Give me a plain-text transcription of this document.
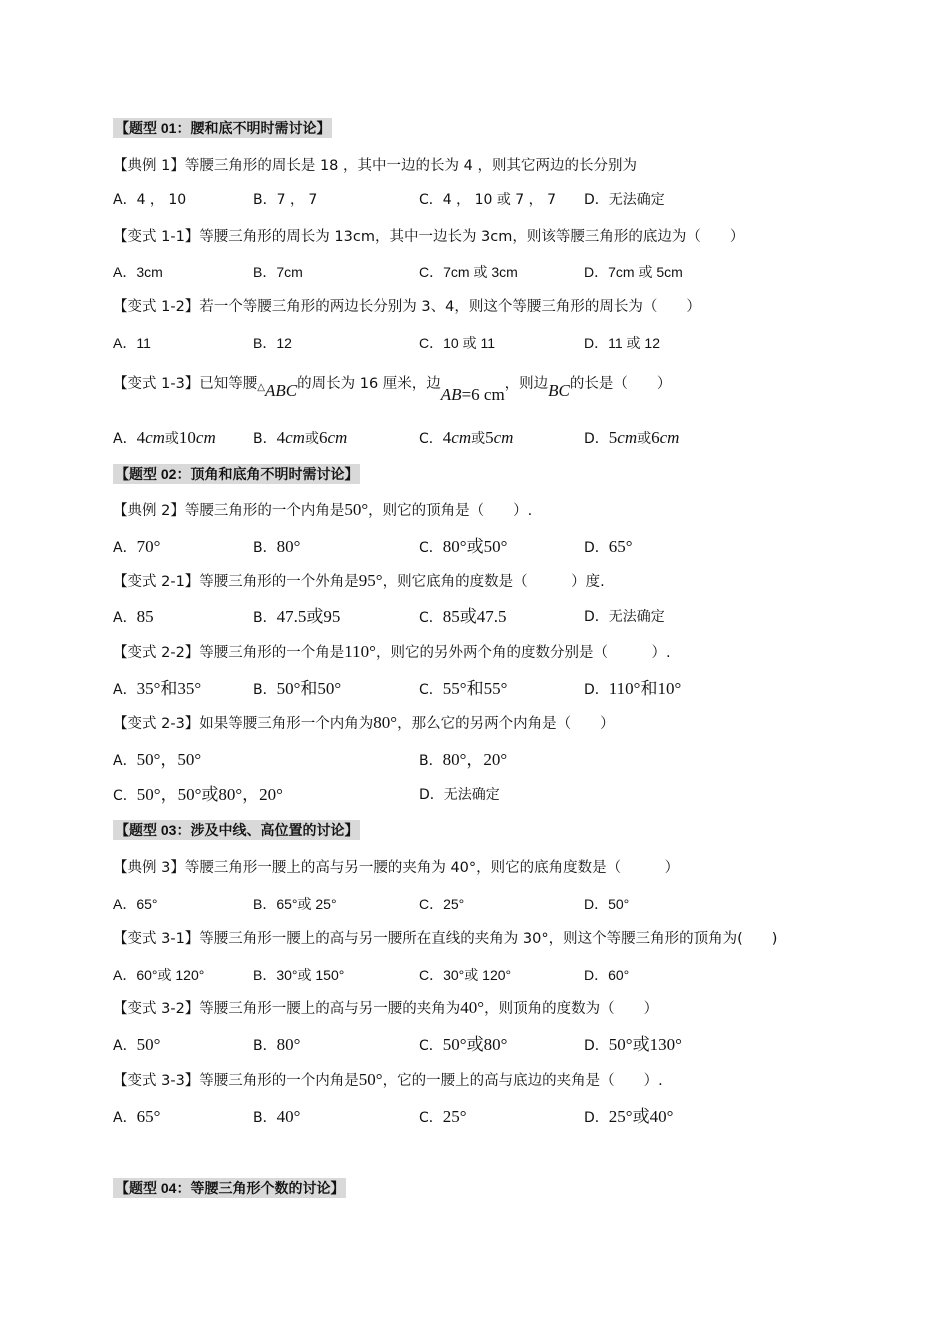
【题型 01：腰和底不明时需讨论】
【典例 1】等腰三角形的周长是 18 ，其中一边的长为 4 ，则其它两边的长分别为
A．4 ， 10	B．7 ， 7	C．4 ， 10 或 7 ， 7 D．无法确定
【变式 1-1】等腰三角形的周长为 13cm，其中一边长为 3cm，则该等腰三角形的底边为（　　）
A．3cm	B．7cm	C．7cm 或 3cm	D．7cm 或 5cm
【变式 1-2】若一个等腰三角形的两边长分别为 3、4，则这个等腰三角形的周长为（　　）
A．11	B．12	C．10 或 11	D．11 或 12
【变式 1-3】已知等腰△ABC的周长为 16 厘米，边AB=6 cm，则边BC的长是（　　）
A．4cm或10cm	B．4cm或6cm	C．4cm或5cm	D．5cm或6cm
【题型 02：顶角和底角不明时需讨论】
【典例 2】等腰三角形的一个内角是50°，则它的顶角是（　　）.
A．70°	B．80°	C．80°或50°	D．65°
【变式 2-1】等腰三角形的一个外角是95°，则它底角的度数是（　　　）度.
A．85	B．47.5或95	C．85或47.5	D．无法确定
【变式 2-2】等腰三角形的一个角是110°，则它的另外两个角的度数分别是（　　　）.
A．35°和35°	B．50°和50°	C．55°和55°	D．110°和10°
【变式 2-3】如果等腰三角形一个内角为80°，那么它的另两个内角是（　　）
A．50°，50°	B．80°，20°
C．50°，50°或80°，20°	D．无法确定
【题型 03：涉及中线、高位置的讨论】
【典例 3】等腰三角形一腰上的高与另一腰的夹角为 40°，则它的底角度数是（　　　）
A．65°	B．65°或 25°	C．25°	D．50°
【变式 3-1】等腰三角形一腰上的高与另一腰所在直线的夹角为 30°，则这个等腰三角形的顶角为(　　)
A．60°或 120°	B．30°或 150°	C．30°或 120°	D．60°
【变式 3-2】等腰三角形一腰上的高与另一腰的夹角为40°，则顶角的度数为（　　）
A．50°	B．80°	C．50°或80°	D．50°或130°
【变式 3-3】等腰三角形的一个内角是50°，它的一腰上的高与底边的夹角是（　　）.
A．65°	B．40°	C．25°	D．25°或40°
【题型 04：等腰三角形个数的讨论】
